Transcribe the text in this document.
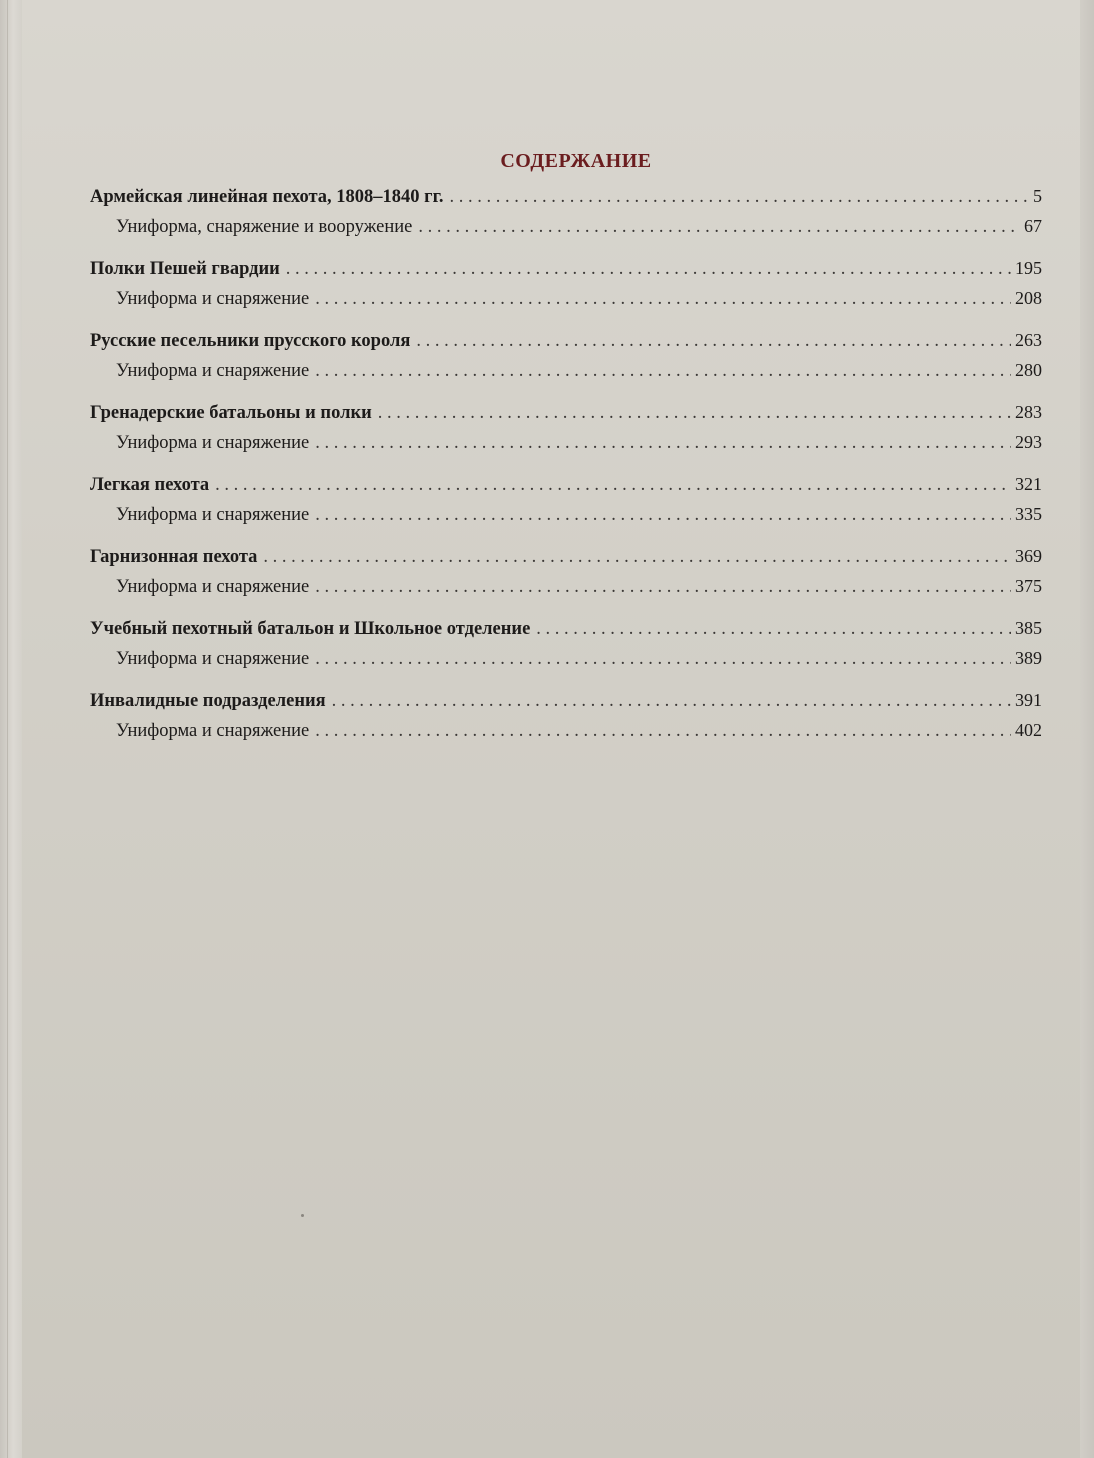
СОДЕРЖАНИЕ
Армейская линейная пехота, 1808–1840 гг. . . .	5
Униформа, снаряжение и вооружение . . .	67
Полки Пешей гвардии . . .	195
Униформа и снаряжение . . .	208
Русские песельники прусского короля . . .	263
Униформа и снаряжение . . .	280
Гренадерские батальоны и полки . . .	283
Униформа и снаряжение . . .	293
Легкая пехота . . .	321
Униформа и снаряжение . . .	335
Гарнизонная пехота . . .	369
Униформа и снаряжение . . .	375
Учебный пехотный батальон и Школьное отделение . . .	385
Униформа и снаряжение . . .	389
Инвалидные подразделения . . .	391
Униформа и снаряжение . . .	402
